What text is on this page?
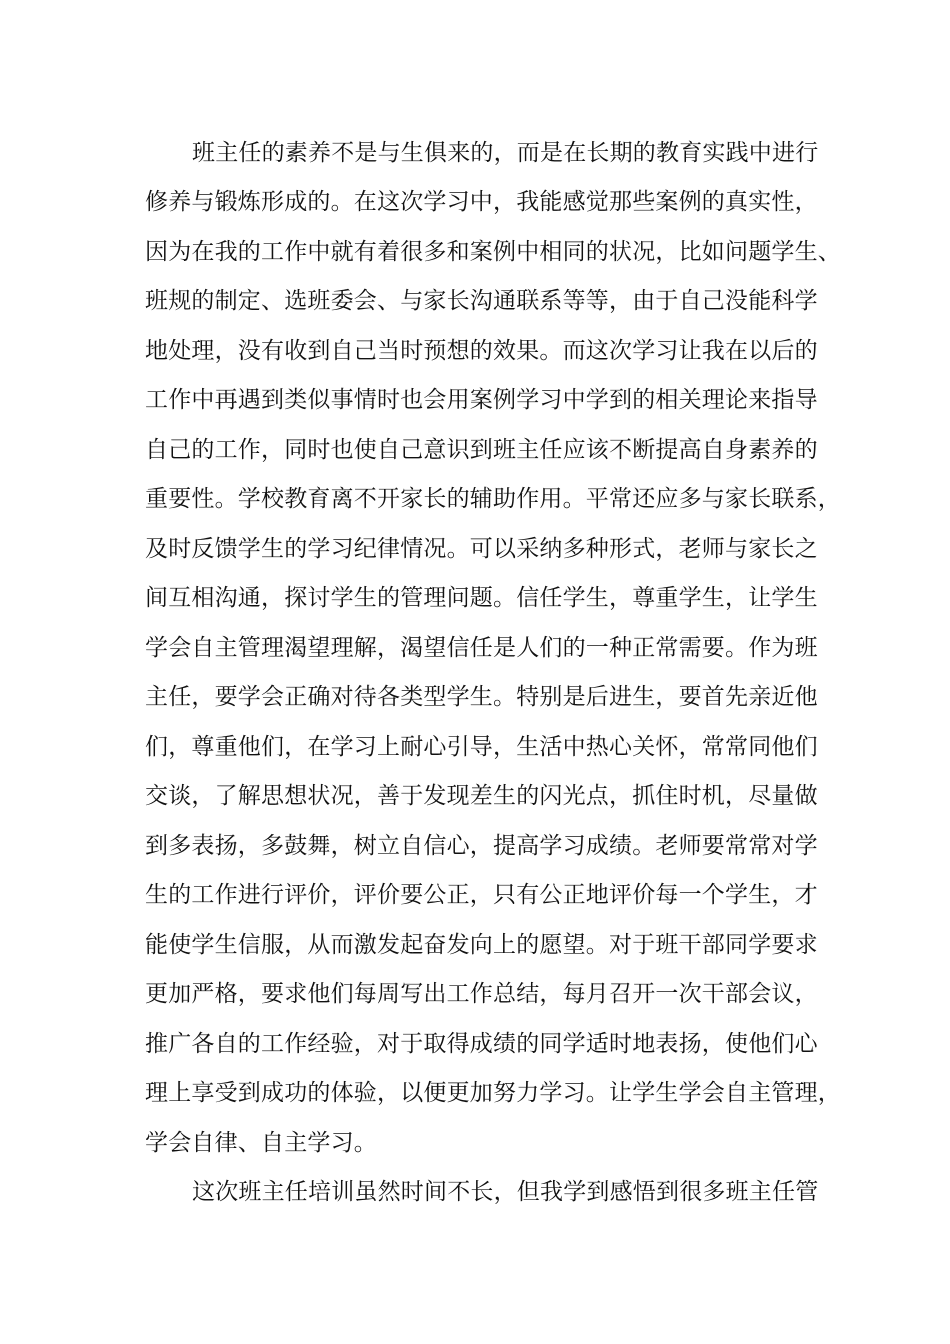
班主任的素养不是与生俱来的，而是在长期的教育实践中进行
修养与锻炼形成的。在这次学习中，我能感觉那些案例的真实性，
因为在我的工作中就有着很多和案例中相同的状况，比如问题学生、
班规的制定、选班委会、与家长沟通联系等等，由于自己没能科学
地处理，没有收到自己当时预想的效果。而这次学习让我在以后的
工作中再遇到类似事情时也会用案例学习中学到的相关理论来指导
自己的工作，同时也使自己意识到班主任应该不断提高自身素养的
重要性。学校教育离不开家长的辅助作用。平常还应多与家长联系，
及时反馈学生的学习纪律情况。可以采纳多种形式，老师与家长之
间互相沟通，探讨学生的管理问题。信任学生，尊重学生，让学生
学会自主管理渴望理解，渴望信任是人们的一种正常需要。作为班
主任，要学会正确对待各类型学生。特别是后进生，要首先亲近他
们，尊重他们，在学习上耐心引导，生活中热心关怀，常常同他们
交谈，了解思想状况，善于发现差生的闪光点，抓住时机，尽量做
到多表扬，多鼓舞，树立自信心，提高学习成绩。老师要常常对学
生的工作进行评价，评价要公正，只有公正地评价每一个学生，才
能使学生信服，从而激发起奋发向上的愿望。对于班干部同学要求
更加严格，要求他们每周写出工作总结，每月召开一次干部会议，
推广各自的工作经验，对于取得成绩的同学适时地表扬，使他们心
理上享受到成功的体验，以便更加努力学习。让学生学会自主管理，
学会自律、自主学习。
这次班主任培训虽然时间不长，但我学到感悟到很多班主任管
